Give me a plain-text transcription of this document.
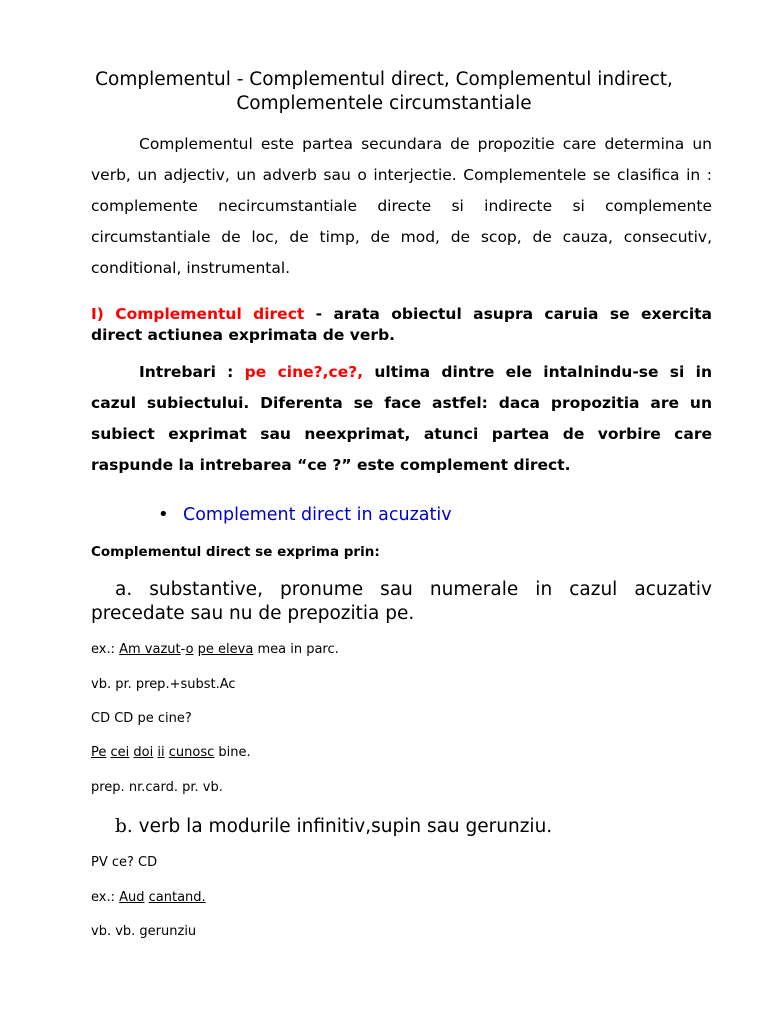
Complementul - Complementul direct, Complementul indirect,
Complementele circumstantiale
Complementul este partea secundara de propozitie care determina un
verb, un adjectiv, un adverb sau o interjectie. Complementele se clasifica in :
complemente necircumstantiale directe si indirecte si complemente
circumstantiale de loc, de timp, de mod, de scop, de cauza, consecutiv,
conditional, instrumental.
I) Complementul direct - arata obiectul asupra caruia se exercita
direct actiunea exprimata de verb.
Intrebari : pe cine?,ce?, ultima dintre ele intalnindu-se si in
cazul subiectului. Diferenta se face astfel: daca propozitia are un
subiect exprimat sau neexprimat, atunci partea de vorbire care
raspunde la intrebarea “ce ?” este complement direct.
• Complement direct in acuzativ
Complementul direct se exprima prin:
a. substantive, pronume sau numerale in cazul acuzativ
precedate sau nu de prepozitia pe.
ex.: Am vazut-o pe eleva mea in parc.
vb. pr. prep.+subst.Ac
CD CD pe cine?
Pe cei doi ii cunosc bine.
prep. nr.card. pr. vb.
b. verb la modurile infinitiv,supin sau gerunziu.
PV ce? CD
ex.: Aud cantand.
vb. vb. gerunziu
